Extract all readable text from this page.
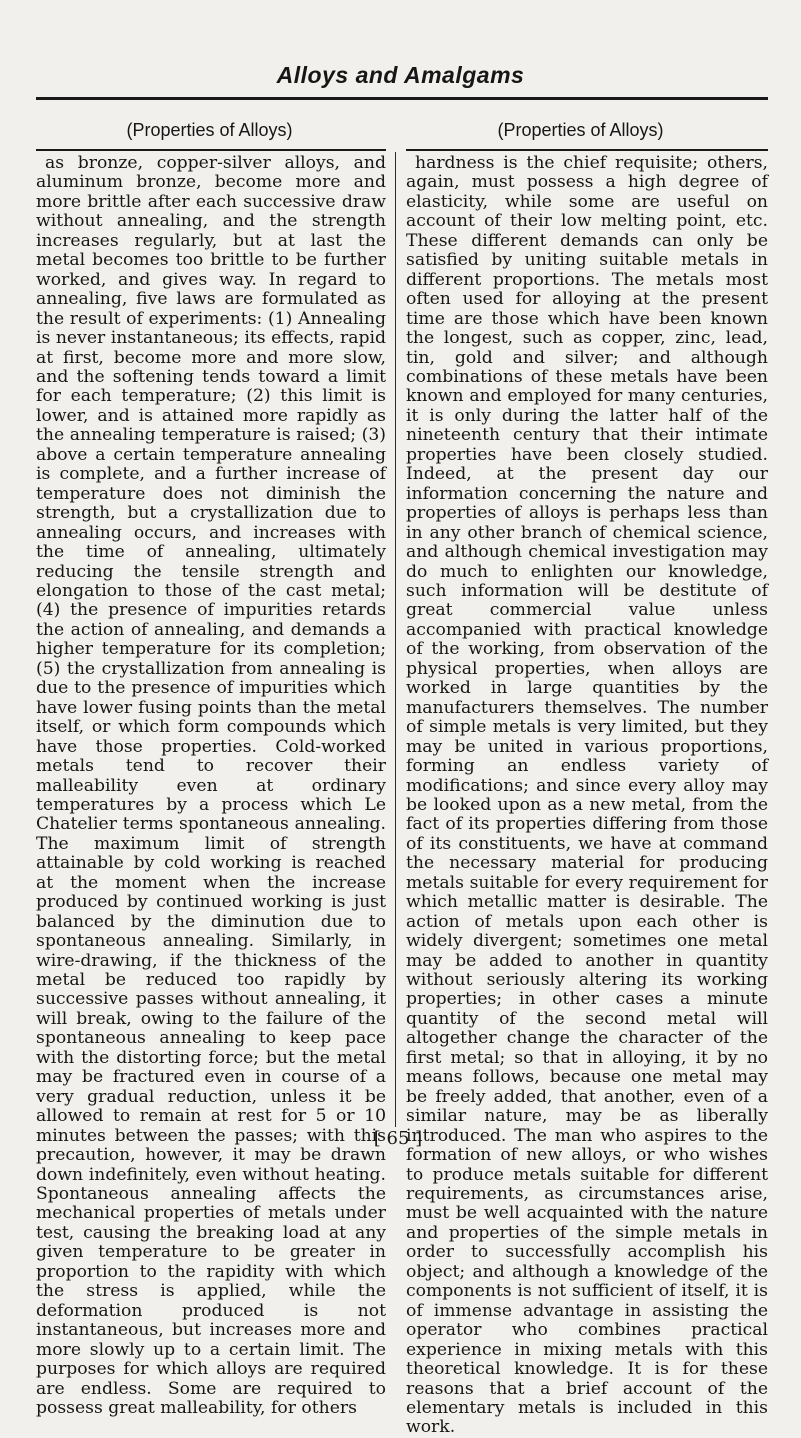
Alloys and Amalgams
(Properties of Alloys)	(Properties of Alloys)

as bronze, copper-silver alloys, and aluminum bronze, become more and more brittle after each successive draw without annealing, and the strength increases regularly, but at last the metal becomes too brittle to be further worked, and gives way. In regard to annealing, five laws are formulated as the result of experiments: (1) Annealing is never instantaneous; its effects, rapid at first, become more and more slow, and the softening tends toward a limit for each temperature; (2) this limit is lower, and is attained more rapidly as the annealing temperature is raised; (3) above a certain temperature annealing is complete, and a further increase of temperature does not diminish the strength, but a crystallization due to annealing occurs, and increases with the time of annealing, ultimately reducing the tensile strength and elongation to those of the cast metal; (4) the presence of impurities retards the action of annealing, and demands a higher temperature for its completion; (5) the crystallization from annealing is due to the presence of impurities which have lower fusing points than the metal itself, or which form compounds which have those properties. Cold-worked metals tend to recover their malleability even at ordinary temperatures by a process which Le Chatelier terms spontaneous annealing. The maximum limit of strength attainable by cold working is reached at the moment when the increase produced by continued working is just balanced by the diminution due to spontaneous annealing. Similarly, in wire-drawing, if the thickness of the metal be reduced too rapidly by successive passes without annealing, it will break, owing to the failure of the spontaneous annealing to keep pace with the distorting force; but the metal may be fractured even in course of a very gradual reduction, unless it be allowed to remain at rest for 5 or 10 minutes between the passes; with this precaution, however, it may be drawn down indefinitely, even without heating. Spontaneous annealing affects the mechanical properties of metals under test, causing the breaking load at any given temperature to be greater in proportion to the rapidity with which the stress is applied, while the deformation produced is not instantaneous, but increases more and more slowly up to a certain limit. The purposes for which alloys are required are endless. Some are required to possess great malleability, for others

hardness is the chief requisite; others, again, must possess a high degree of elasticity, while some are useful on account of their low melting point, etc. These different demands can only be satisfied by uniting suitable metals in different proportions. The metals most often used for alloying at the present time are those which have been known the longest, such as copper, zinc, lead, tin, gold and silver; and although combinations of these metals have been known and employed for many centuries, it is only during the latter half of the nineteenth century that their intimate properties have been closely studied. Indeed, at the present day our information concerning the nature and properties of alloys is perhaps less than in any other branch of chemical science, and although chemical investigation may do much to enlighten our knowledge, such information will be destitute of great commercial value unless accompanied with practical knowledge of the working, from observation of the physical properties, when alloys are worked in large quantities by the manufacturers themselves. The number of simple metals is very limited, but they may be united in various proportions, forming an endless variety of modifications; and since every alloy may be looked upon as a new metal, from the fact of its properties differing from those of its constituents, we have at command the necessary material for producing metals suitable for every requirement for which metallic matter is desirable. The action of metals upon each other is widely divergent; sometimes one metal may be added to another in quantity without seriously altering its working properties; in other cases a minute quantity of the second metal will altogether change the character of the first metal; so that in alloying, it by no means follows, because one metal may be freely added, that another, even of a similar nature, may be as liberally introduced. The man who aspires to the formation of new alloys, or who wishes to produce metals suitable for different requirements, as circumstances arise, must be well acquainted with the nature and properties of the simple metals in order to successfully accomplish his object; and although a knowledge of the components is not sufficient of itself, it is of immense advantage in assisting the operator who combines practical experience in mixing metals with this theoretical knowledge. It is for these reasons that a brief account of the elementary metals is included in this work.

[ 65 ]
